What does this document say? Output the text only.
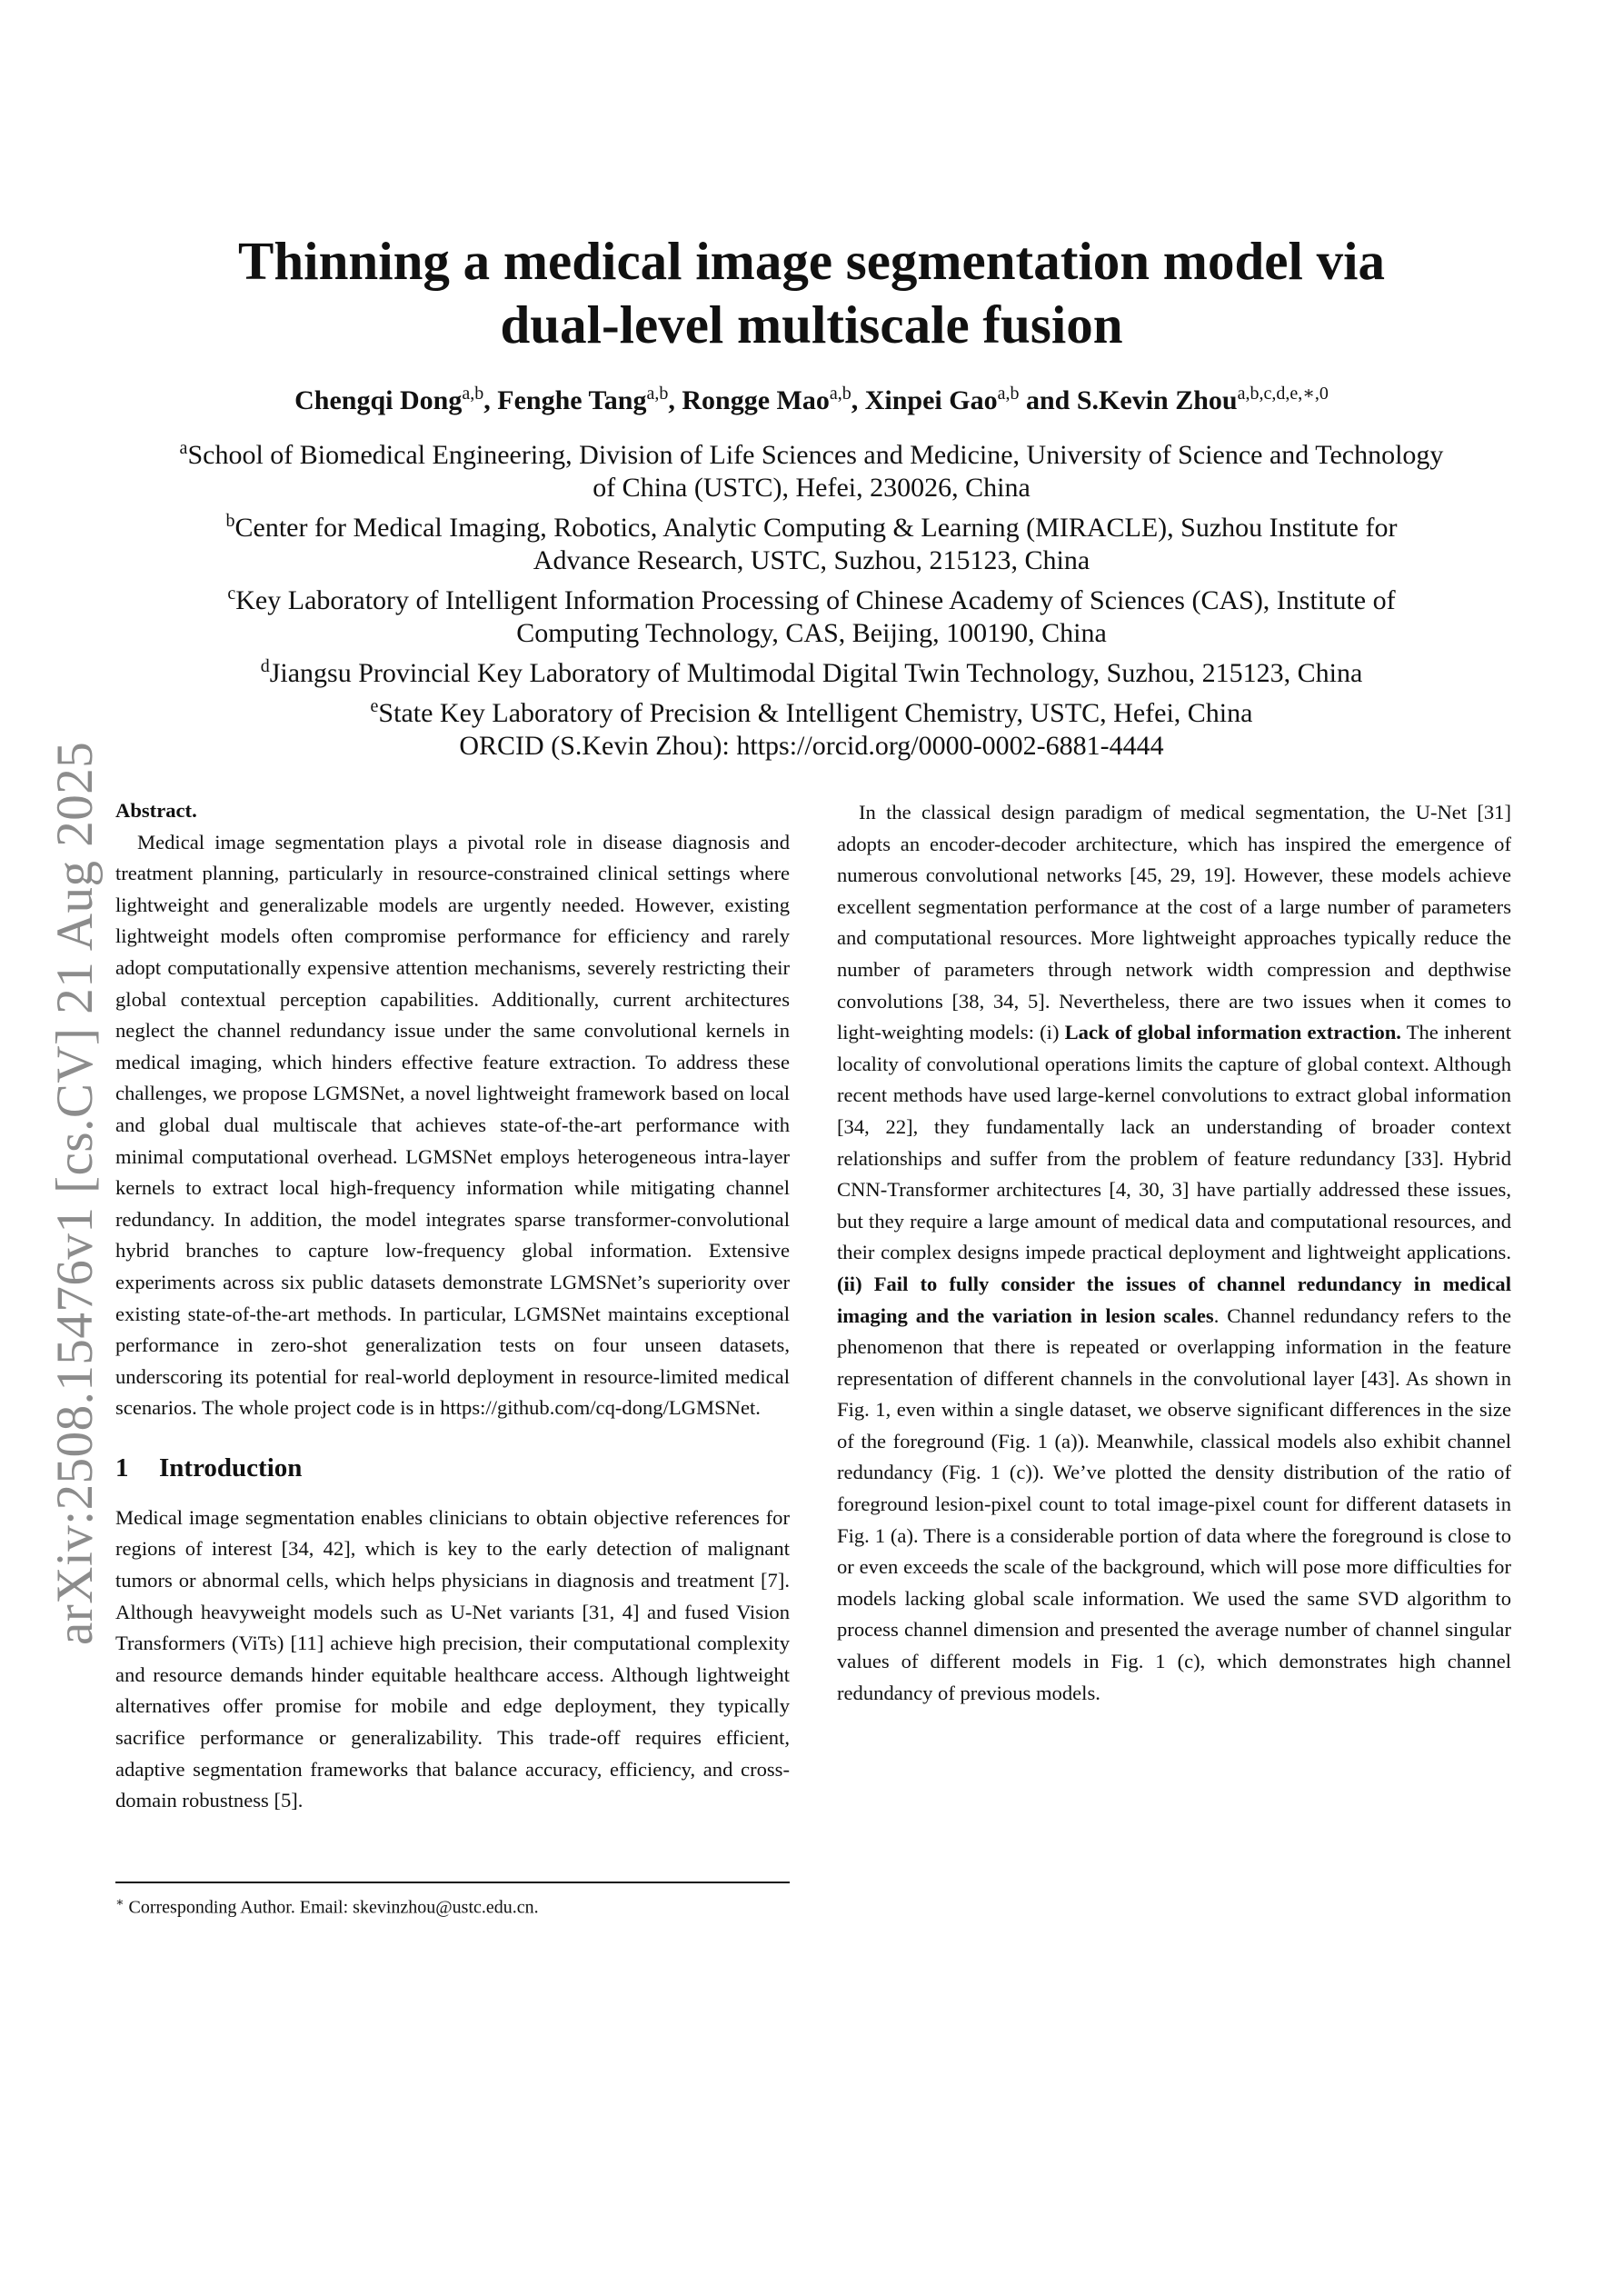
arXiv:2508.15476v1 [cs.CV] 21 Aug 2025
Thinning a medical image segmentation model via
dual-level multiscale fusion
Chengqi Dong$^{a,b}$, Fenghe Tang$^{a,b}$, Rongge Mao$^{a,b}$, Xinpei Gao$^{a,b}$ and S.Kevin Zhou$^{a,b,c,d,e,∗,0}$
$^a$School of Biomedical Engineering, Division of Life Sciences and Medicine, University of Science and Technology
of China (USTC), Hefei, 230026, China
$^b$Center for Medical Imaging, Robotics, Analytic Computing & Learning (MIRACLE), Suzhou Institute for
Advance Research, USTC, Suzhou, 215123, China
$^c$Key Laboratory of Intelligent Information Processing of Chinese Academy of Sciences (CAS), Institute of
Computing Technology, CAS, Beijing, 100190, China
$^d$Jiangsu Provincial Key Laboratory of Multimodal Digital Twin Technology, Suzhou, 215123, China
$^e$State Key Laboratory of Precision & Intelligent Chemistry, USTC, Hefei, China
ORCID (S.Kevin Zhou): https://orcid.org/0000-0002-6881-4444
Abstract.

Medical image segmentation plays a pivotal role in disease diagnosis and treatment planning, particularly in resource-constrained clinical settings where lightweight and generalizable models are urgently needed. However, existing lightweight models often compromise performance for efficiency and rarely adopt computationally expensive attention mechanisms, severely restricting their global contextual perception capabilities. Additionally, current architectures neglect the channel redundancy issue under the same convolutional kernels in medical imaging, which hinders effective feature extraction. To address these challenges, we propose LGMSNet, a novel lightweight framework based on local and global dual multiscale that achieves state-of-the-art performance with minimal computational overhead. LGMSNet employs heterogeneous intra-layer kernels to extract local high-frequency information while mitigating channel redundancy. In addition, the model integrates sparse transformer-convolutional hybrid branches to capture low-frequency global information. Extensive experiments across six public datasets demonstrate LGMSNet’s superiority over existing state-of-the-art methods. In particular, LGMSNet maintains exceptional performance in zero-shot generalization tests on four unseen datasets, underscoring its potential for real-world deployment in resource-limited medical scenarios. The whole project code is in https://github.com/cq-dong/LGMSNet.

1 Introduction

Medical image segmentation enables clinicians to obtain objective references for regions of interest [34, 42], which is key to the early detection of malignant tumors or abnormal cells, which helps physicians in diagnosis and treatment [7]. Although heavyweight models such as U-Net variants [31, 4] and fused Vision Transformers (ViTs) [11] achieve high precision, their computational complexity and resource demands hinder equitable healthcare access. Although lightweight alternatives offer promise for mobile and edge deployment, they typically sacrifice performance or generalizability. This trade-off requires efficient, adaptive segmentation frameworks that balance accuracy, efficiency, and cross-domain robustness [5].

In the classical design paradigm of medical segmentation, the U-Net [31] adopts an encoder-decoder architecture, which has inspired the emergence of numerous convolutional networks [45, 29, 19]. However, these models achieve excellent segmentation performance at the cost of a large number of parameters and computational resources. More lightweight approaches typically reduce the number of parameters through network width compression and depthwise convolutions [38, 34, 5]. Nevertheless, there are two issues when it comes to light-weighting models: (i) Lack of global information extraction. The inherent locality of convolutional operations limits the capture of global context. Although recent methods have used large-kernel convolutions to extract global information [34, 22], they fundamentally lack an understanding of broader context relationships and suffer from the problem of feature redundancy [33]. Hybrid CNN-Transformer architectures [4, 30, 3] have partially addressed these issues, but they require a large amount of medical data and computational resources, and their complex designs impede practical deployment and lightweight applications. (ii) Fail to fully consider the issues of channel redundancy in medical imaging and the variation in lesion scales. Channel redundancy refers to the phenomenon that there is repeated or overlapping information in the feature representation of different channels in the convolutional layer [43]. As shown in Fig. 1, even within a single dataset, we observe significant differences in the size of the foreground (Fig. 1 (a)). Meanwhile, classical models also exhibit channel redundancy (Fig. 1 (c)). We’ve plotted the density distribution of the ratio of foreground lesion-pixel count to total image-pixel count for different datasets in Fig. 1 (a). There is a considerable portion of data where the foreground is close to or even exceeds the scale of the background, which will pose more difficulties for models lacking global scale information. We used the same SVD algorithm to process channel dimension and presented the average number of channel singular values of different models in Fig. 1 (c), which demonstrates high channel redundancy of previous models.

∗ Corresponding Author. Email: skevinzhou@ustc.edu.cn.
